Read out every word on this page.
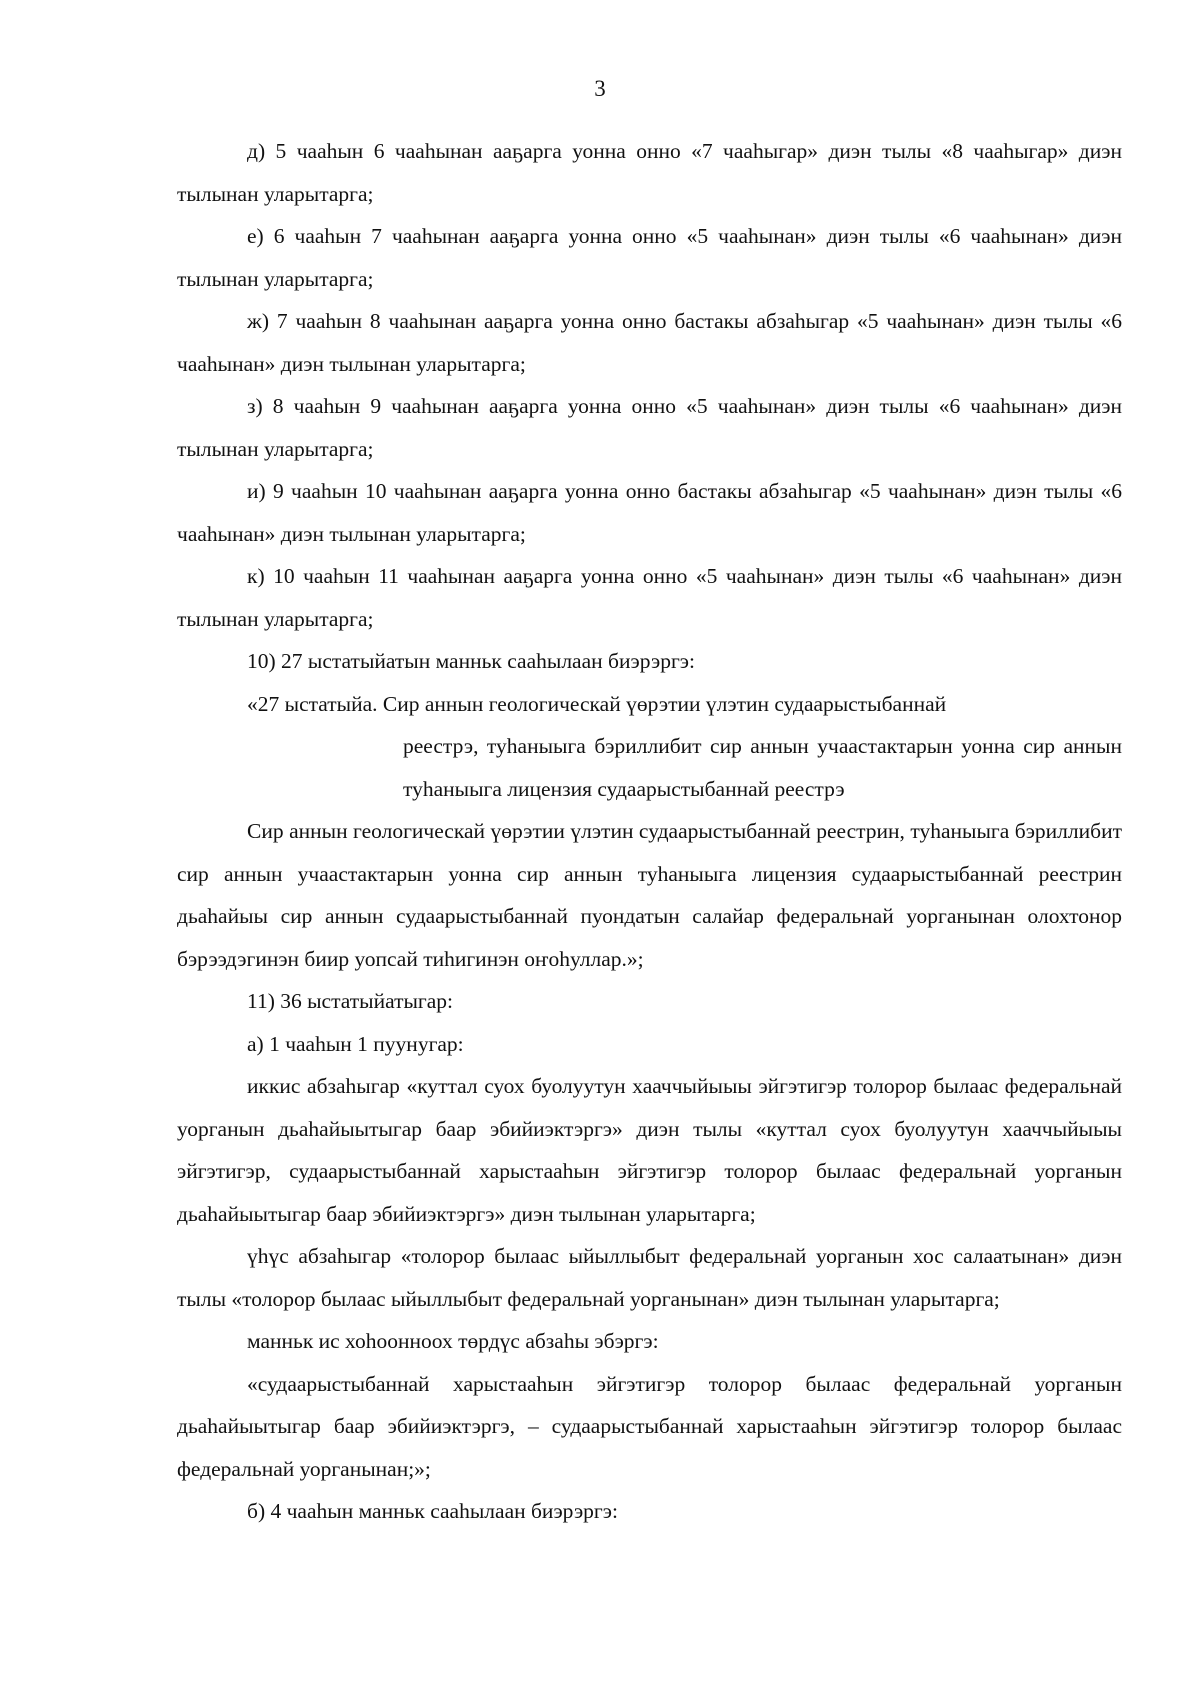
3

д) 5 чааһын 6 чааһынан ааҕарга уонна онно «7 чааһыгар» диэн тылы «8 чааһыгар» диэн тылынан уларытарга;

е) 6 чааһын 7 чааһынан ааҕарга уонна онно «5 чааһынан» диэн тылы «6 чааһынан» диэн тылынан уларытарга;

ж) 7 чааһын 8 чааһынан ааҕарга уонна онно бастакы абзаһыгар «5 чааһынан» диэн тылы «6 чааһынан» диэн тылынан уларытарга;

з) 8 чааһын 9 чааһынан ааҕарга уонна онно «5 чааһынан» диэн тылы «6 чааһынан» диэн тылынан уларытарга;

и) 9 чааһын 10 чааһынан ааҕарга уонна онно бастакы абзаһыгар «5 чааһынан» диэн тылы «6 чааһынан» диэн тылынан уларытарга;

к) 10 чааһын 11 чааһынан ааҕарга уонна онно «5 чааһынан» диэн тылы «6 чааһынан» диэн тылынан уларытарга;

10) 27 ыстатыйатын манньк сааһылаан биэрэргэ:

«27 ыстатыйа. Сир аннын геологическай үөрэтии үлэтин судаарыстыбаннай

реестрэ, туһаныыга бэриллибит сир аннын учаастактарын уонна сир аннын туһаныыга лицензия судаарыстыбаннай реестрэ

Сир аннын геологическай үөрэтии үлэтин судаарыстыбаннай реестрин, туһаныыга бэриллибит сир аннын учаастактарын уонна сир аннын туһаныыга лицензия судаарыстыбаннай реестрин дьаһайыы сир аннын судаарыстыбаннай пуондатын салайар федеральнай уорганынан олохтонор бэрээдэгинэн биир уопсай тиһигинэн оҥоһуллар.»;

11) 36 ыстатыйатыгар:

а) 1 чааһын 1 пуунугар:

иккис абзаһыгар «куттал суох буолуутун хааччыйыыы эйгэтигэр толорор былаас федеральнай уорганын дьаһайыытыгар баар эбийиэктэргэ» диэн тылы «куттал суох буолуутун хааччыйыыы эйгэтигэр, судаарыстыбаннай харыстааһын эйгэтигэр толорор былаас федеральнай уорганын дьаһайыытыгар баар эбийиэктэргэ» диэн тылынан уларытарга;

үһүс абзаһыгар «толорор былаас ыйыллыбыт федеральнай уорганын хос салаатынан» диэн тылы «толорор былаас ыйыллыбыт федеральнай уорганынан» диэн тылынан уларытарга;

манньк ис хоһоонноох төрдүс абзаһы эбэргэ:

«судаарыстыбаннай харыстааһын эйгэтигэр толорор былаас федеральнай уорганын дьаһайыытыгар баар эбийиэктэргэ, – судаарыстыбаннай харыстааһын эйгэтигэр толорор былаас федеральнай уорганынан;»;

б) 4 чааһын манньк сааһылаан биэрэргэ:
